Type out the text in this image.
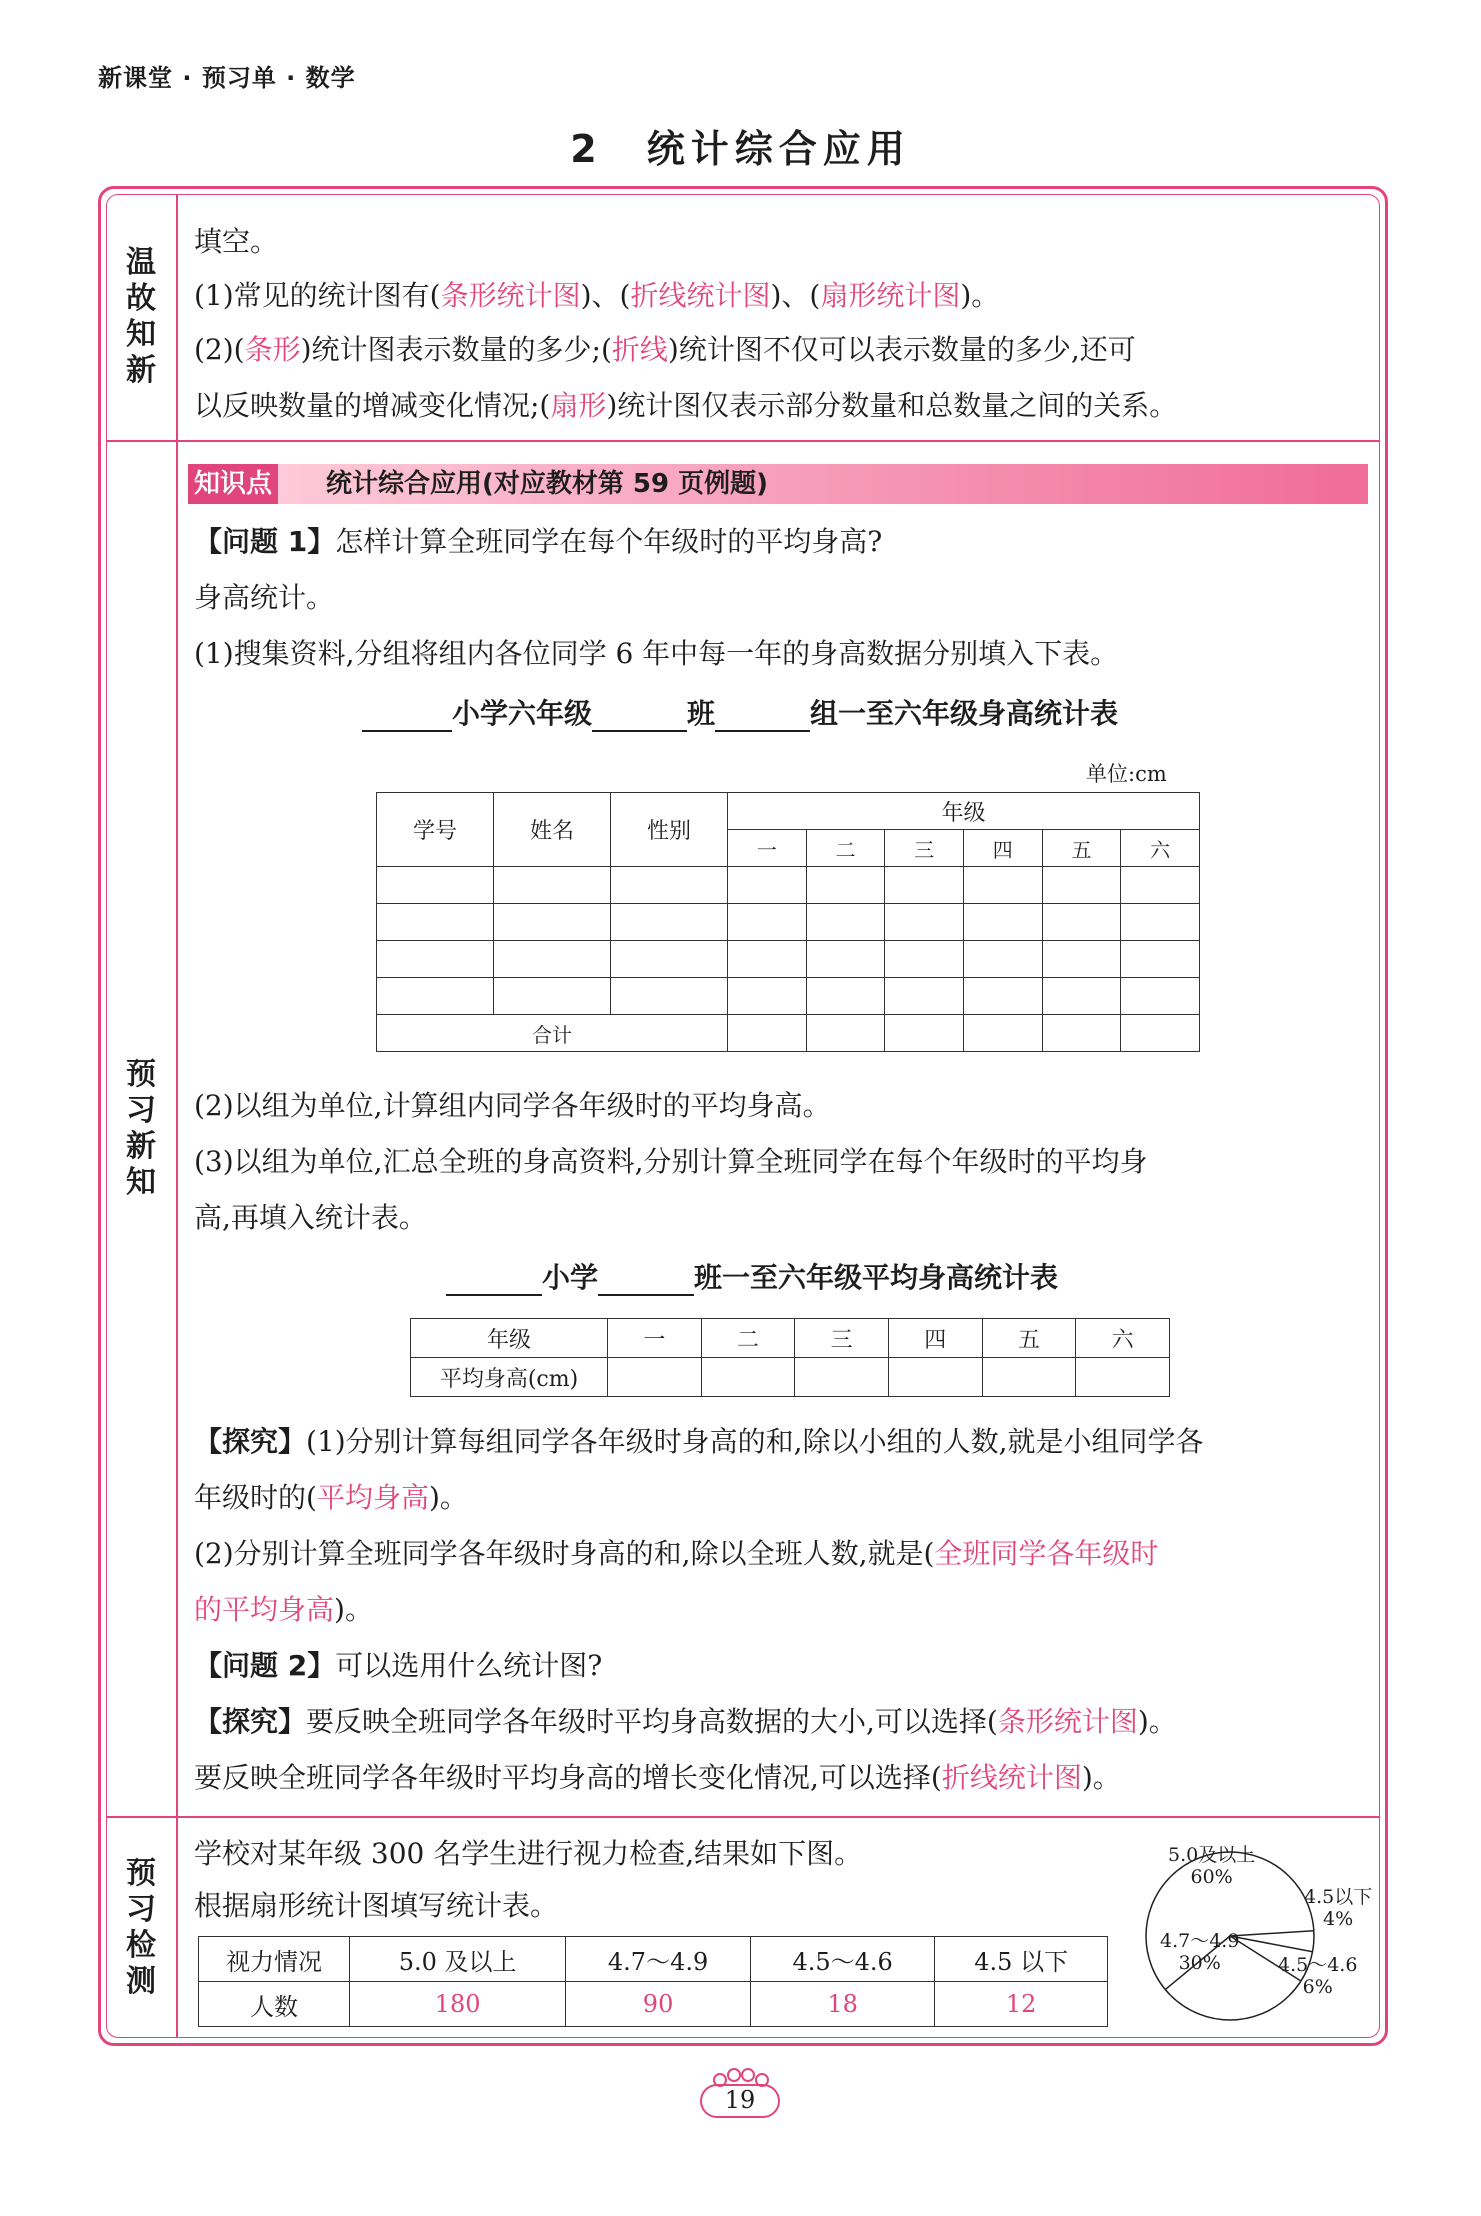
新课堂 · 预习单 · 数学
2　统计综合应用
温故知新
预习新知
预习检测
填空。
(1)常见的统计图有(条形统计图)、(折线统计图)、(扇形统计图)。
(2)(条形)统计图表示数量的多少;(折线)统计图不仅可以表示数量的多少,还可
以反映数量的增减变化情况;(扇形)统计图仅表示部分数量和总数量之间的关系。
知识点 统计综合应用(对应教材第 59 页例题)
【问题 1】怎样计算全班同学在每个年级时的平均身高?
身高统计。
(1)搜集资料,分组将组内各位同学 6 年中每一年的身高数据分别填入下表。
小学六年级	班	组一至六年级身高统计表
单位:cm
学号	姓名	性别	年级					
			一	二	三	四	五	六

合计								
(2)以组为单位,计算组内同学各年级时的平均身高。
(3)以组为单位,汇总全班的身高资料,分别计算全班同学在每个年级时的平均身
高,再填入统计表。
小学	班一至六年级平均身高统计表
年级	一	二	三	四	五	六
平均身高(cm)						
【探究】(1)分别计算每组同学各年级时身高的和,除以小组的人数,就是小组同学各
年级时的(平均身高)。
(2)分别计算全班同学各年级时身高的和,除以全班人数,就是(全班同学各年级时
的平均身高)。
【问题 2】可以选用什么统计图?
【探究】要反映全班同学各年级时平均身高数据的大小,可以选择(条形统计图)。
要反映全班同学各年级时平均身高的增长变化情况,可以选择(折线统计图)。
学校对某年级 300 名学生进行视力检查,结果如下图。
根据扇形统计图填写统计表。
视力情况	5.0 及以上	4.7～4.9	4.5～4.6	4.5 以下
人数	180	90	18	12
5.0及以上
60%
4.7～4.9
30%	4.5～4.6
6%
4.5以下
4%
19
